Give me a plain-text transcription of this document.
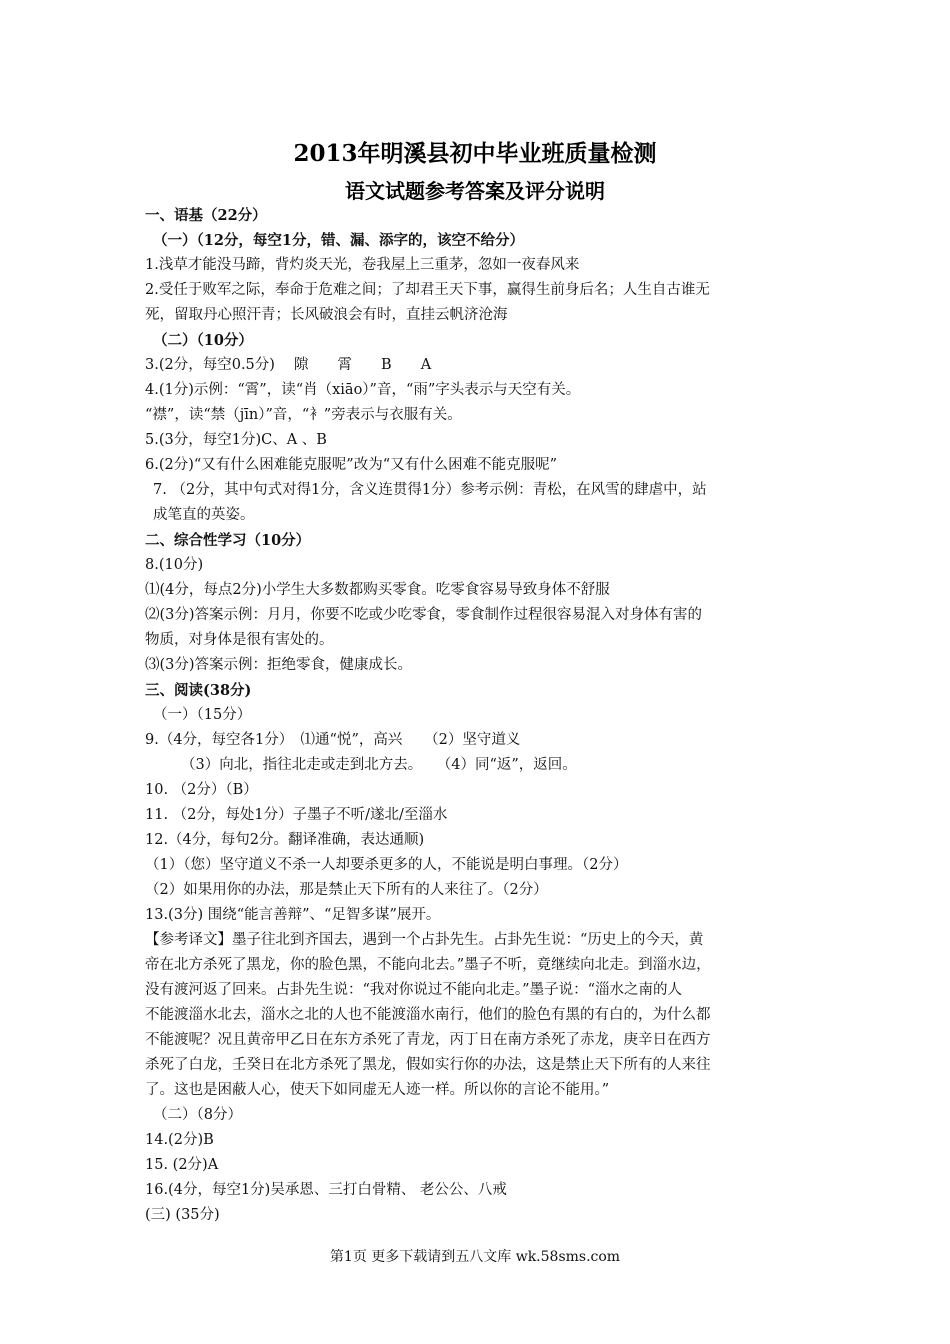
2013年明溪县初中毕业班质量检测
语文试题参考答案及评分说明
一、语基（22分）
（一）（12分，每空1分，错、漏、添字的，该空不给分）
1.浅草才能没马蹄，背灼炎天光，卷我屋上三重茅，忽如一夜春风来
2.受任于败军之际，奉命于危难之间；了却君王天下事，赢得生前身后名；人生自古谁无
死，留取丹心照汗青；长风破浪会有时，直挂云帆济沧海
（二）（10分）
3.(2分，每空0.5分)　 隙　　霄　　B　　A
4.(1分)示例：“霄”，读“肖（xiāo）”音，“雨”字头表示与天空有关。
“襟”，读“禁（jīn）”音，“衤”旁表示与衣服有关。
5.(3分，每空1分)C、A 、B
6.(2分)“又有什么困难能克服呢”改为“又有什么困难不能克服呢”
7. （2分，其中句式对得1分，含义连贯得1分）参考示例：青松，在风雪的肆虐中，站
成笔直的英姿。
二、综合性学习（10分）
8.(10分)
⑴(4分，每点2分)小学生大多数都购买零食。吃零食容易导致身体不舒服
⑵(3分)答案示例：月月，你要不吃或少吃零食，零食制作过程很容易混入对身体有害的
物质，对身体是很有害处的。
⑶(3分)答案示例：拒绝零食，健康成长。
三、阅读(38分)
（一）（15分）
9.（4分，每空各1分）　⑴通“悦”，高兴　　（2）坚守道义
（3）向北，指往北走或走到北方去。　　（4）同“返”，返回。
10. （2分）（B）
11. （2分，每处1分）子墨子不听/遂北/至淄水
12.（4分，每句2分。翻译准确，表达通顺)
（1）（您）坚守道义不杀一人却要杀更多的人，不能说是明白事理。（2分）
（2）如果用你的办法，那是禁止天下所有的人来往了。（2分）
13.(3分) 围绕“能言善辩”、“足智多谋”展开。
【参考译文】墨子往北到齐国去，遇到一个占卦先生。占卦先生说：“历史上的今天，黄
帝在北方杀死了黑龙，你的脸色黑，不能向北去。”墨子不听，竟继续向北走。到淄水边，
没有渡河返了回来。占卦先生说：“我对你说过不能向北走。”墨子说：“淄水之南的人
不能渡淄水北去，淄水之北的人也不能渡淄水南行，他们的脸色有黑的有白的，为什么都
不能渡呢？况且黄帝甲乙日在东方杀死了青龙，丙丁日在南方杀死了赤龙，庚辛日在西方
杀死了白龙，壬癸日在北方杀死了黑龙，假如实行你的办法，这是禁止天下所有的人来往
了。这也是困蔽人心，使天下如同虚无人迹一样。所以你的言论不能用。”
（二）（8分）
14.(2分)B
15. (2分)A
16.(4分，每空1分)吴承恩、三打白骨精、 老公公、八戒
(三) (35分)
第1页 更多下载请到五八文库 wk.58sms.com
